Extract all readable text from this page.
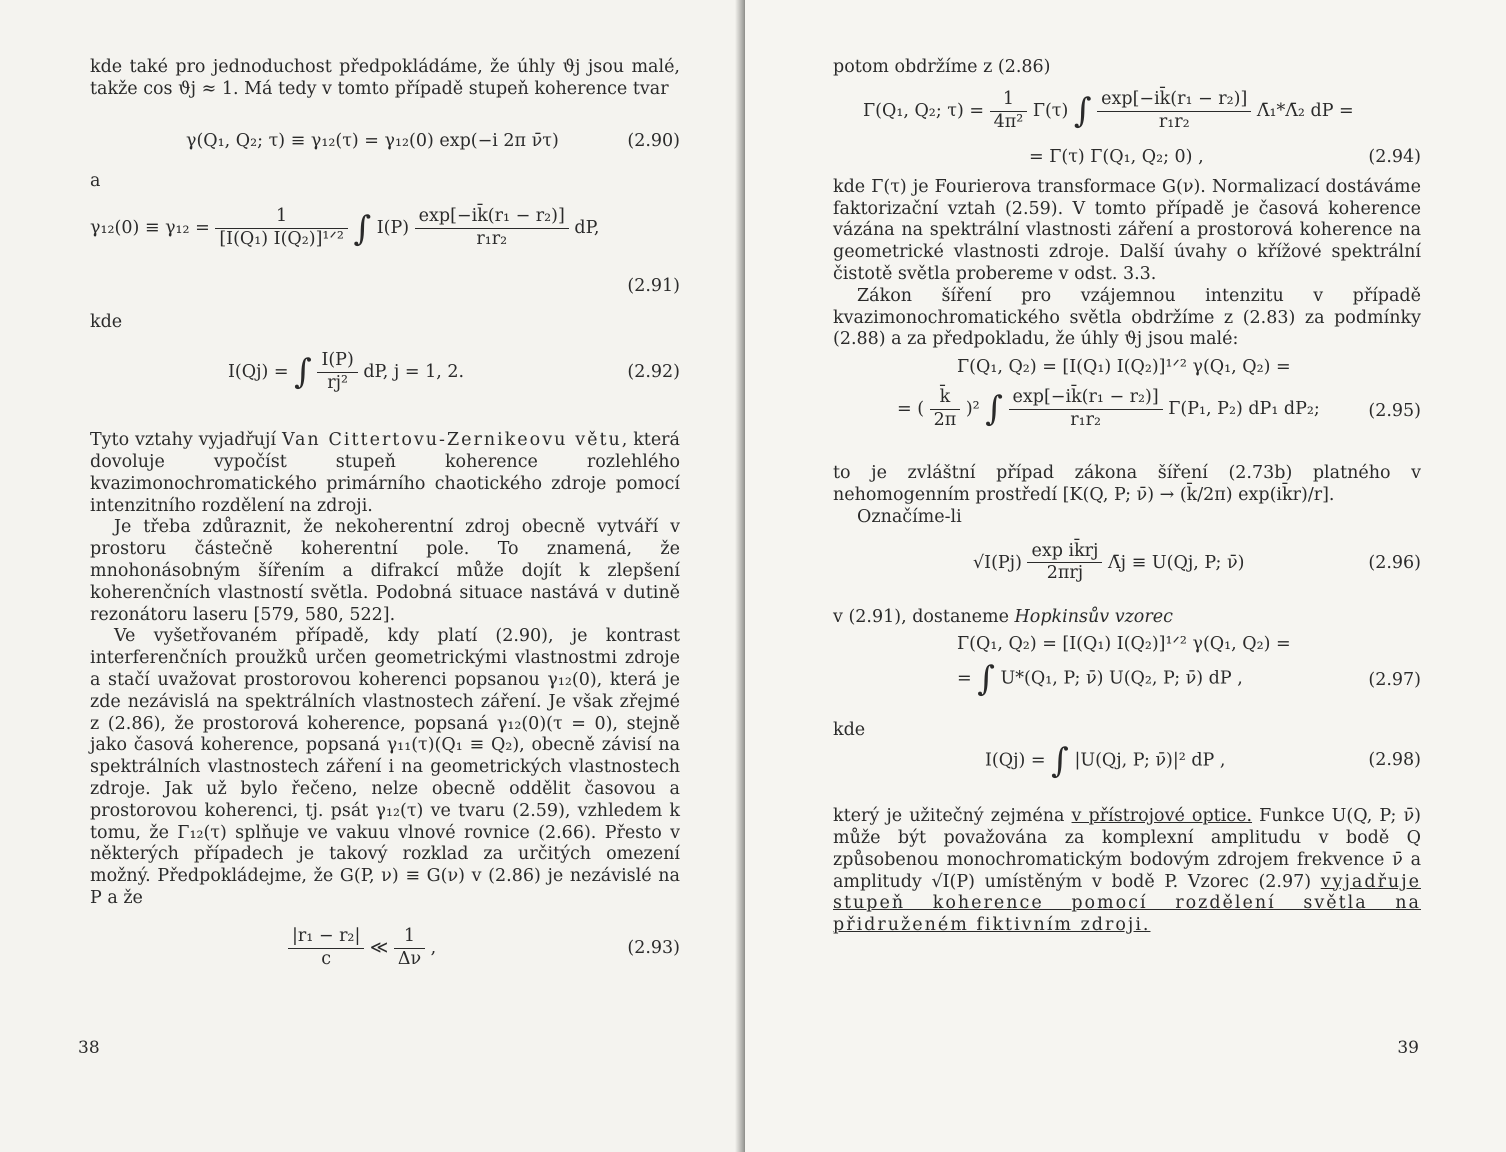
kde také pro jednoduchost předpokládáme, že úhly ϑj jsou malé, takže cos ϑj ≈ 1. Má tedy v tomto případě stupeň koherence tvar

γ(Q₁, Q₂; τ) ≡ γ₁₂(τ) = γ₁₂(0) exp(−i 2π ν̄τ)	(2.90)

a

$\gamma_{12}(0) \equiv \gamma_{12} = \frac{1}{\text{[I(Q₁) I(Q₂)]¹ᐟ²}}$ ∫ $I(P) \frac{\text{exp[−ik̄(r₁ − r₂)]}}{\text{r₁r₂}}$ dP,
(2.91)

kde

I(Qj) = ∫ $\frac{I(P)}{\text{rj²}}$ dP, j = 1, 2.	(2.92)

Tyto vztahy vyjadřují Van Cittertovu-Zernikeovu větu, která dovoluje vypočíst stupeň koherence rozlehlého kvazimonochromatického primárního chaotického zdroje pomocí intenzitního rozdělení na zdroji.

Je třeba zdůraznit, že nekoherentní zdroj obecně vytváří v prostoru částečně koherentní pole. To znamená, že mnohonásobným šířením a difrakcí může dojít k zlepšení koherenčních vlastností světla. Podobná situace nastává v dutině rezonátoru laseru [579, 580, 522].

Ve vyšetřovaném případě, kdy platí (2.90), je kontrast interferenčních proužků určen geometrickými vlastnostmi zdroje a stačí uvažovat prostorovou koherenci popsanou γ₁₂(0), která je zde nezávislá na spektrálních vlastnostech záření. Je však zřejmé z (2.86), že prostorová koherence, popsaná γ₁₂(0)(τ = 0), stejně jako časová koherence, popsaná γ₁₁(τ)(Q₁ ≡ Q₂), obecně závisí na spektrálních vlastnostech záření i na geometrických vlastnostech zdroje. Jak už bylo řečeno, nelze obecně oddělit časovou a prostorovou koherenci, tj. psát γ₁₂(τ) ve tvaru (2.59), vzhledem k tomu, že Γ₁₂(τ) splňuje ve vakuu vlnové rovnice (2.66). Přesto v některých případech je takový rozklad za určitých omezení možný. Předpokládejme, že G(P, ν) ≡ G(ν) v (2.86) je nezávislé na P a že

$\frac{\text{|r₁ − r₂|}}{c}$ ≪ $\frac{1}{\Delta\nu}$ ,	(2.93)
38

potom obdržíme z (2.86)

Γ(Q₁, Q₂; $\tau) = \frac{1}{\text{4π²}} \Gamma(\tau)$ ∫ $\frac{\text{exp[−ik̄(r₁ − r₂)]}}{\text{r₁r₂}}$ Λ̄₁*Λ̄₂ dP =
= Γ(τ) Γ(Q₁, Q₂; 0) ,	(2.94)

kde Γ(τ) je Fourierova transformace G(ν). Normalizací dostáváme faktorizační vztah (2.59). V tomto případě je časová koherence vázána na spektrální vlastnosti záření a prostorová koherence na geometrické vlastnosti zdroje. Další úvahy o křížové spektrální čistotě světla probereme v odst. 3.3.

Zákon šíření pro vzájemnou intenzitu v případě kvazimonochromatického světla obdržíme z (2.83) za podmínky (2.88) a za předpokladu, že úhly ϑj jsou malé:

Γ(Q₁, Q₂) = [I(Q₁) I(Q₂)]¹ᐟ² γ(Q₁, Q₂) =
= ( $\frac{k̄}{2\pi} )^2$ ∫ $\frac{\text{exp[−ik̄(r₁ − r₂)]}}{\text{r₁r₂}} \Gamma(P_1$, P₂) dP₁ dP₂;	(2.95)

to je zvláštní případ zákona šíření (2.73b) platného v nehomogenním prostředí [K(Q, P; ν̄) → (k̄/2π) exp(ik̄r)/r].

Označíme-li

$√I(Pj) \frac{\text{exp ik̄rj}}{\text{2πrj}}$ Λ̄j ≡ U(Qj, P; ν̄)	(2.96)

v (2.91), dostaneme Hopkinsův vzorec

Γ(Q₁, Q₂) = [I(Q₁) I(Q₂)]¹ᐟ² γ(Q₁, Q₂) =
= ∫ U*(Q₁, P; ν̄) U(Q₂, P; ν̄) dP ,	(2.97)

kde

I(Qj) = ∫ |U(Qj, P; ν̄)|² dP ,	(2.98)

který je užitečný zejména v přístrojové optice. Funkce U(Q, P; ν̄) může být považována za komplexní amplitudu v bodě Q způsobenou monochromatickým bodovým zdrojem frekvence ν̄ a amplitudy √I(P) umístěným v bodě P. Vzorec (2.97) vyjadřuje stupeň koherence pomocí rozdělení světla na přidruženém fiktivním zdroji.

39
